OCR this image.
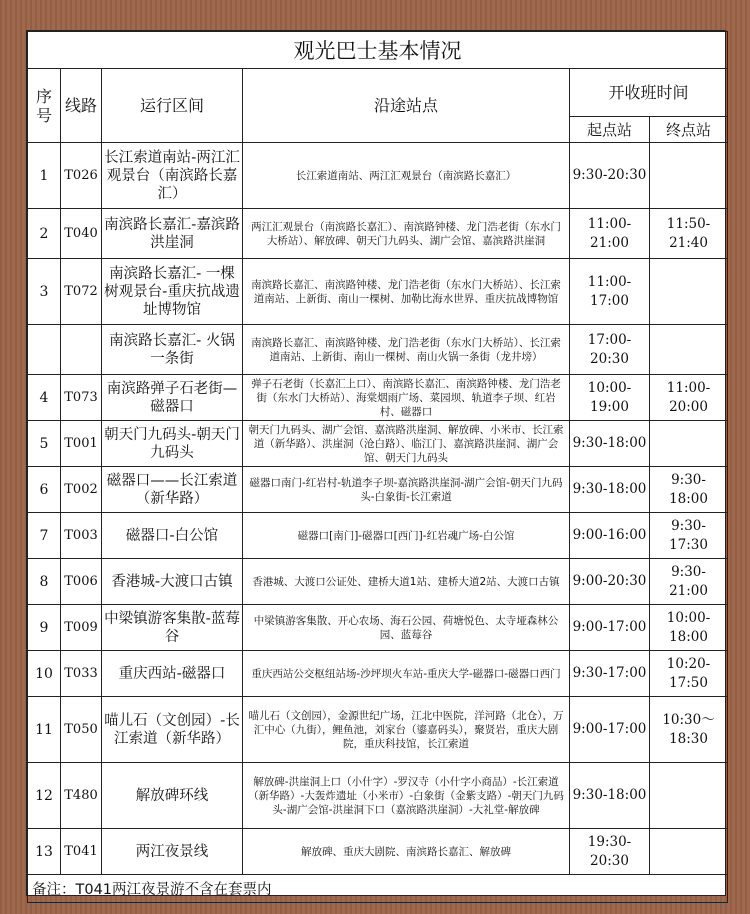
观光巴士基本情况					
序号	线路	运行区间	沿途站点	开收班时间	
				起点站	终点站
1	T026	长江索道南站-两江汇观景台（南滨路长嘉汇）	长江索道南站、两江汇观景台（南滨路长嘉汇）	9:30-20:30	
2	T040	南滨路长嘉汇-嘉滨路洪崖洞	两江汇观景台（南滨路长嘉汇）、南滨路钟楼、龙门浩老街（东水门大桥站）、解放碑、朝天门九码头、湖广会馆、嘉滨路洪崖洞	11:00-21:00	11:50-21:40
3	T072	南滨路长嘉汇- 一棵树观景台-重庆抗战遗址博物馆	南滨路长嘉汇、南滨路钟楼、龙门浩老街（东水门大桥站）、长江索道南站、上新街、南山一棵树、加勒比海水世界、重庆抗战博物馆	11:00-17:00	
		南滨路长嘉汇- 火锅一条街	南滨路长嘉汇、南滨路钟楼、龙门浩老街（东水门大桥站）、长江索道南站、上新街、南山一棵树、南山火锅一条街（龙井塝）	17:00-20:30	
4	T073	南滨路弹子石老街—磁器口	弹子石老街（长嘉汇上口）、南滨路长嘉汇、南滨路钟楼、龙门浩老街（东水门大桥站）、海棠烟雨广场、菜园坝、轨道李子坝、红岩村、磁器口	10:00-19:00	11:00-20:00
5	T001	朝天门九码头-朝天门九码头	朝天门九码头、湖广会馆、嘉滨路洪崖洞、解放碑、小米市、长江索道（新华路）、洪崖洞（沧白路）、临江门、嘉滨路洪崖洞、湖广会馆、朝天门九码头	9:30-18:00	
6	T002	磁器口——长江索道（新华路）	磁器口南门-红岩村-轨道李子坝-嘉滨路洪崖洞-湖广会馆-朝天门九码头-白象街-长江索道	9:30-18:00	9:30-18:00
7	T003	磁器口-白公馆	磁器口[南门]-磁器口[西门]-红岩魂广场-白公馆	9:00-16:00	9:30-17:30
8	T006	香港城-大渡口古镇	香港城、大渡口公证处、建桥大道1站、建桥大道2站、大渡口古镇	9:00-20:30	9:30-21:00
9	T009	中梁镇游客集散-蓝莓谷	中梁镇游客集散、开心农场、海石公园、荷塘悦色、太寺垭森林公园、蓝莓谷	9:00-17:00	10:00-18:00
10	T033	重庆西站-磁器口	重庆西站公交枢纽站场-沙坪坝火车站-重庆大学-磁器口-磁器口西门	9:30-17:00	10:20-17:50
11	T050	喵儿石（文创园）-长江索道（新华路）	喵儿石（文创园），金源世纪广场，江北中医院，洋河路（北仓），万汇中心（九街），鲤鱼池，刘家台（鎏嘉码头），聚贤岩，重庆大剧院，重庆科技馆，长江索道	9:00-17:00	10:30～18:30
12	T480	解放碑环线	解放碑-洪崖洞上口（小什字）-罗汉寺（小什字小商品）-长江索道（新华路）-大轰炸遗址（小米市）-白象街（金紫支路）-朝天门九码头-湖广会馆-洪崖洞下口（嘉滨路洪崖洞）-大礼堂-解放碑	9:30-18:00	
13	T041	两江夜景线	解放碑、重庆大剧院、南滨路长嘉汇、解放碑	19:30-20:30	
备注：T041两江夜景游不含在套票内					
